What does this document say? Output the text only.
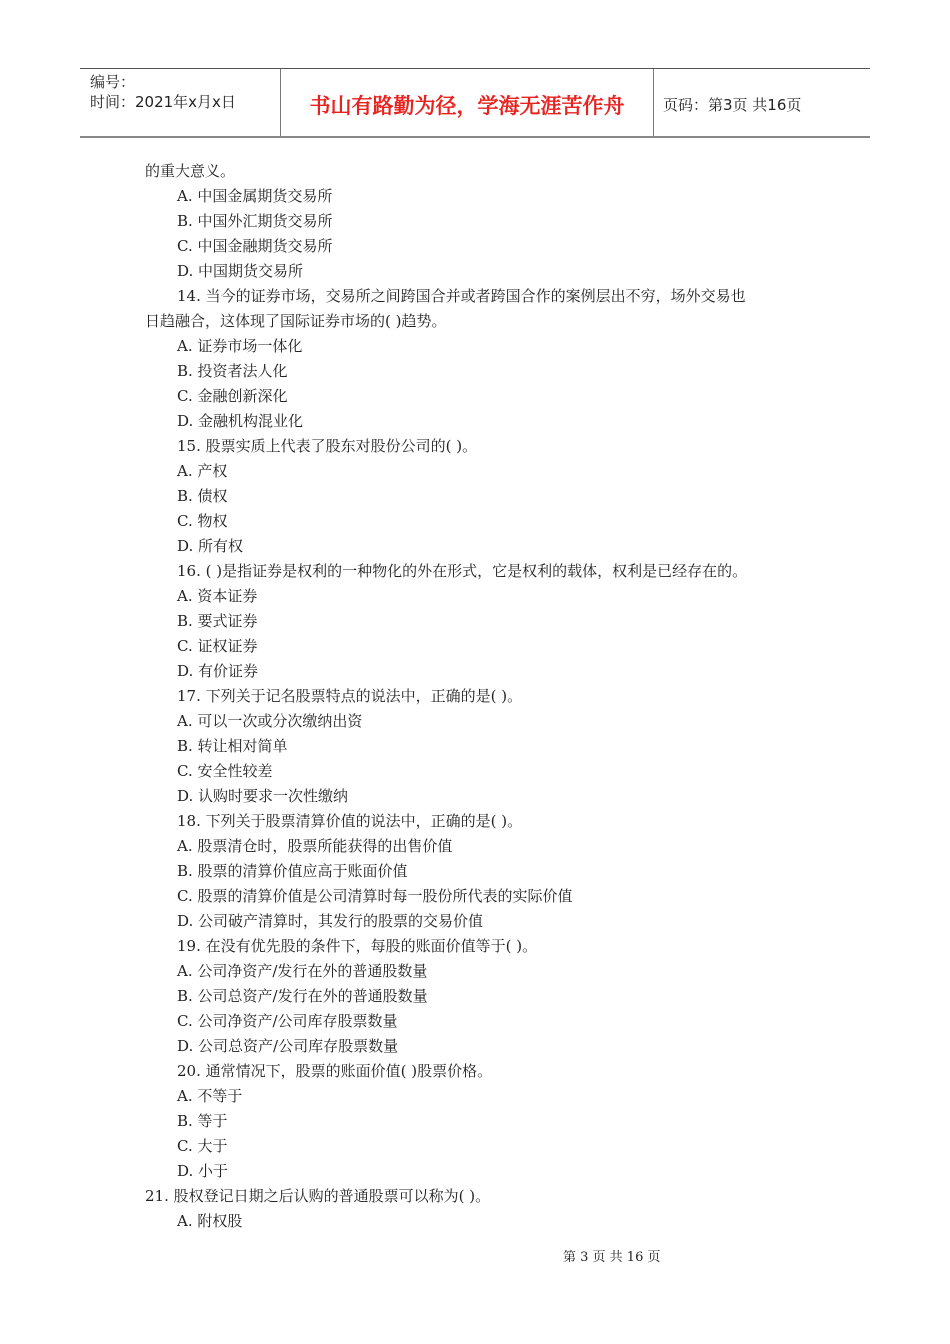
编号：
时间：2021年x月x日	书山有路勤为径，学海无涯苦作舟	页码：第3页 共16页
的重大意义。
A. 中国金属期货交易所
B. 中国外汇期货交易所
C. 中国金融期货交易所
D. 中国期货交易所
14. 当今的证券市场，交易所之间跨国合并或者跨国合作的案例层出不穷，场外交易也
日趋融合，这体现了国际证券市场的( )趋势。
A. 证券市场一体化
B. 投资者法人化
C. 金融创新深化
D. 金融机构混业化
15. 股票实质上代表了股东对股份公司的( )。
A. 产权
B. 债权
C. 物权
D. 所有权
16. ( )是指证券是权利的一种物化的外在形式，它是权利的载体，权利是已经存在的。
A. 资本证券
B. 要式证券
C. 证权证券
D. 有价证券
17. 下列关于记名股票特点的说法中，正确的是( )。
A. 可以一次或分次缴纳出资
B. 转让相对简单
C. 安全性较差
D. 认购时要求一次性缴纳
18. 下列关于股票清算价值的说法中，正确的是( )。
A. 股票清仓时，股票所能获得的出售价值
B. 股票的清算价值应高于账面价值
C. 股票的清算价值是公司清算时每一股份所代表的实际价值
D. 公司破产清算时，其发行的股票的交易价值
19. 在没有优先股的条件下，每股的账面价值等于( )。
A. 公司净资产/发行在外的普通股数量
B. 公司总资产/发行在外的普通股数量
C. 公司净资产/公司库存股票数量
D. 公司总资产/公司库存股票数量
20. 通常情况下，股票的账面价值( )股票价格。
A. 不等于
B. 等于
C. 大于
D. 小于
21. 股权登记日期之后认购的普通股票可以称为( )。
A. 附权股
第 3 页 共 16 页
